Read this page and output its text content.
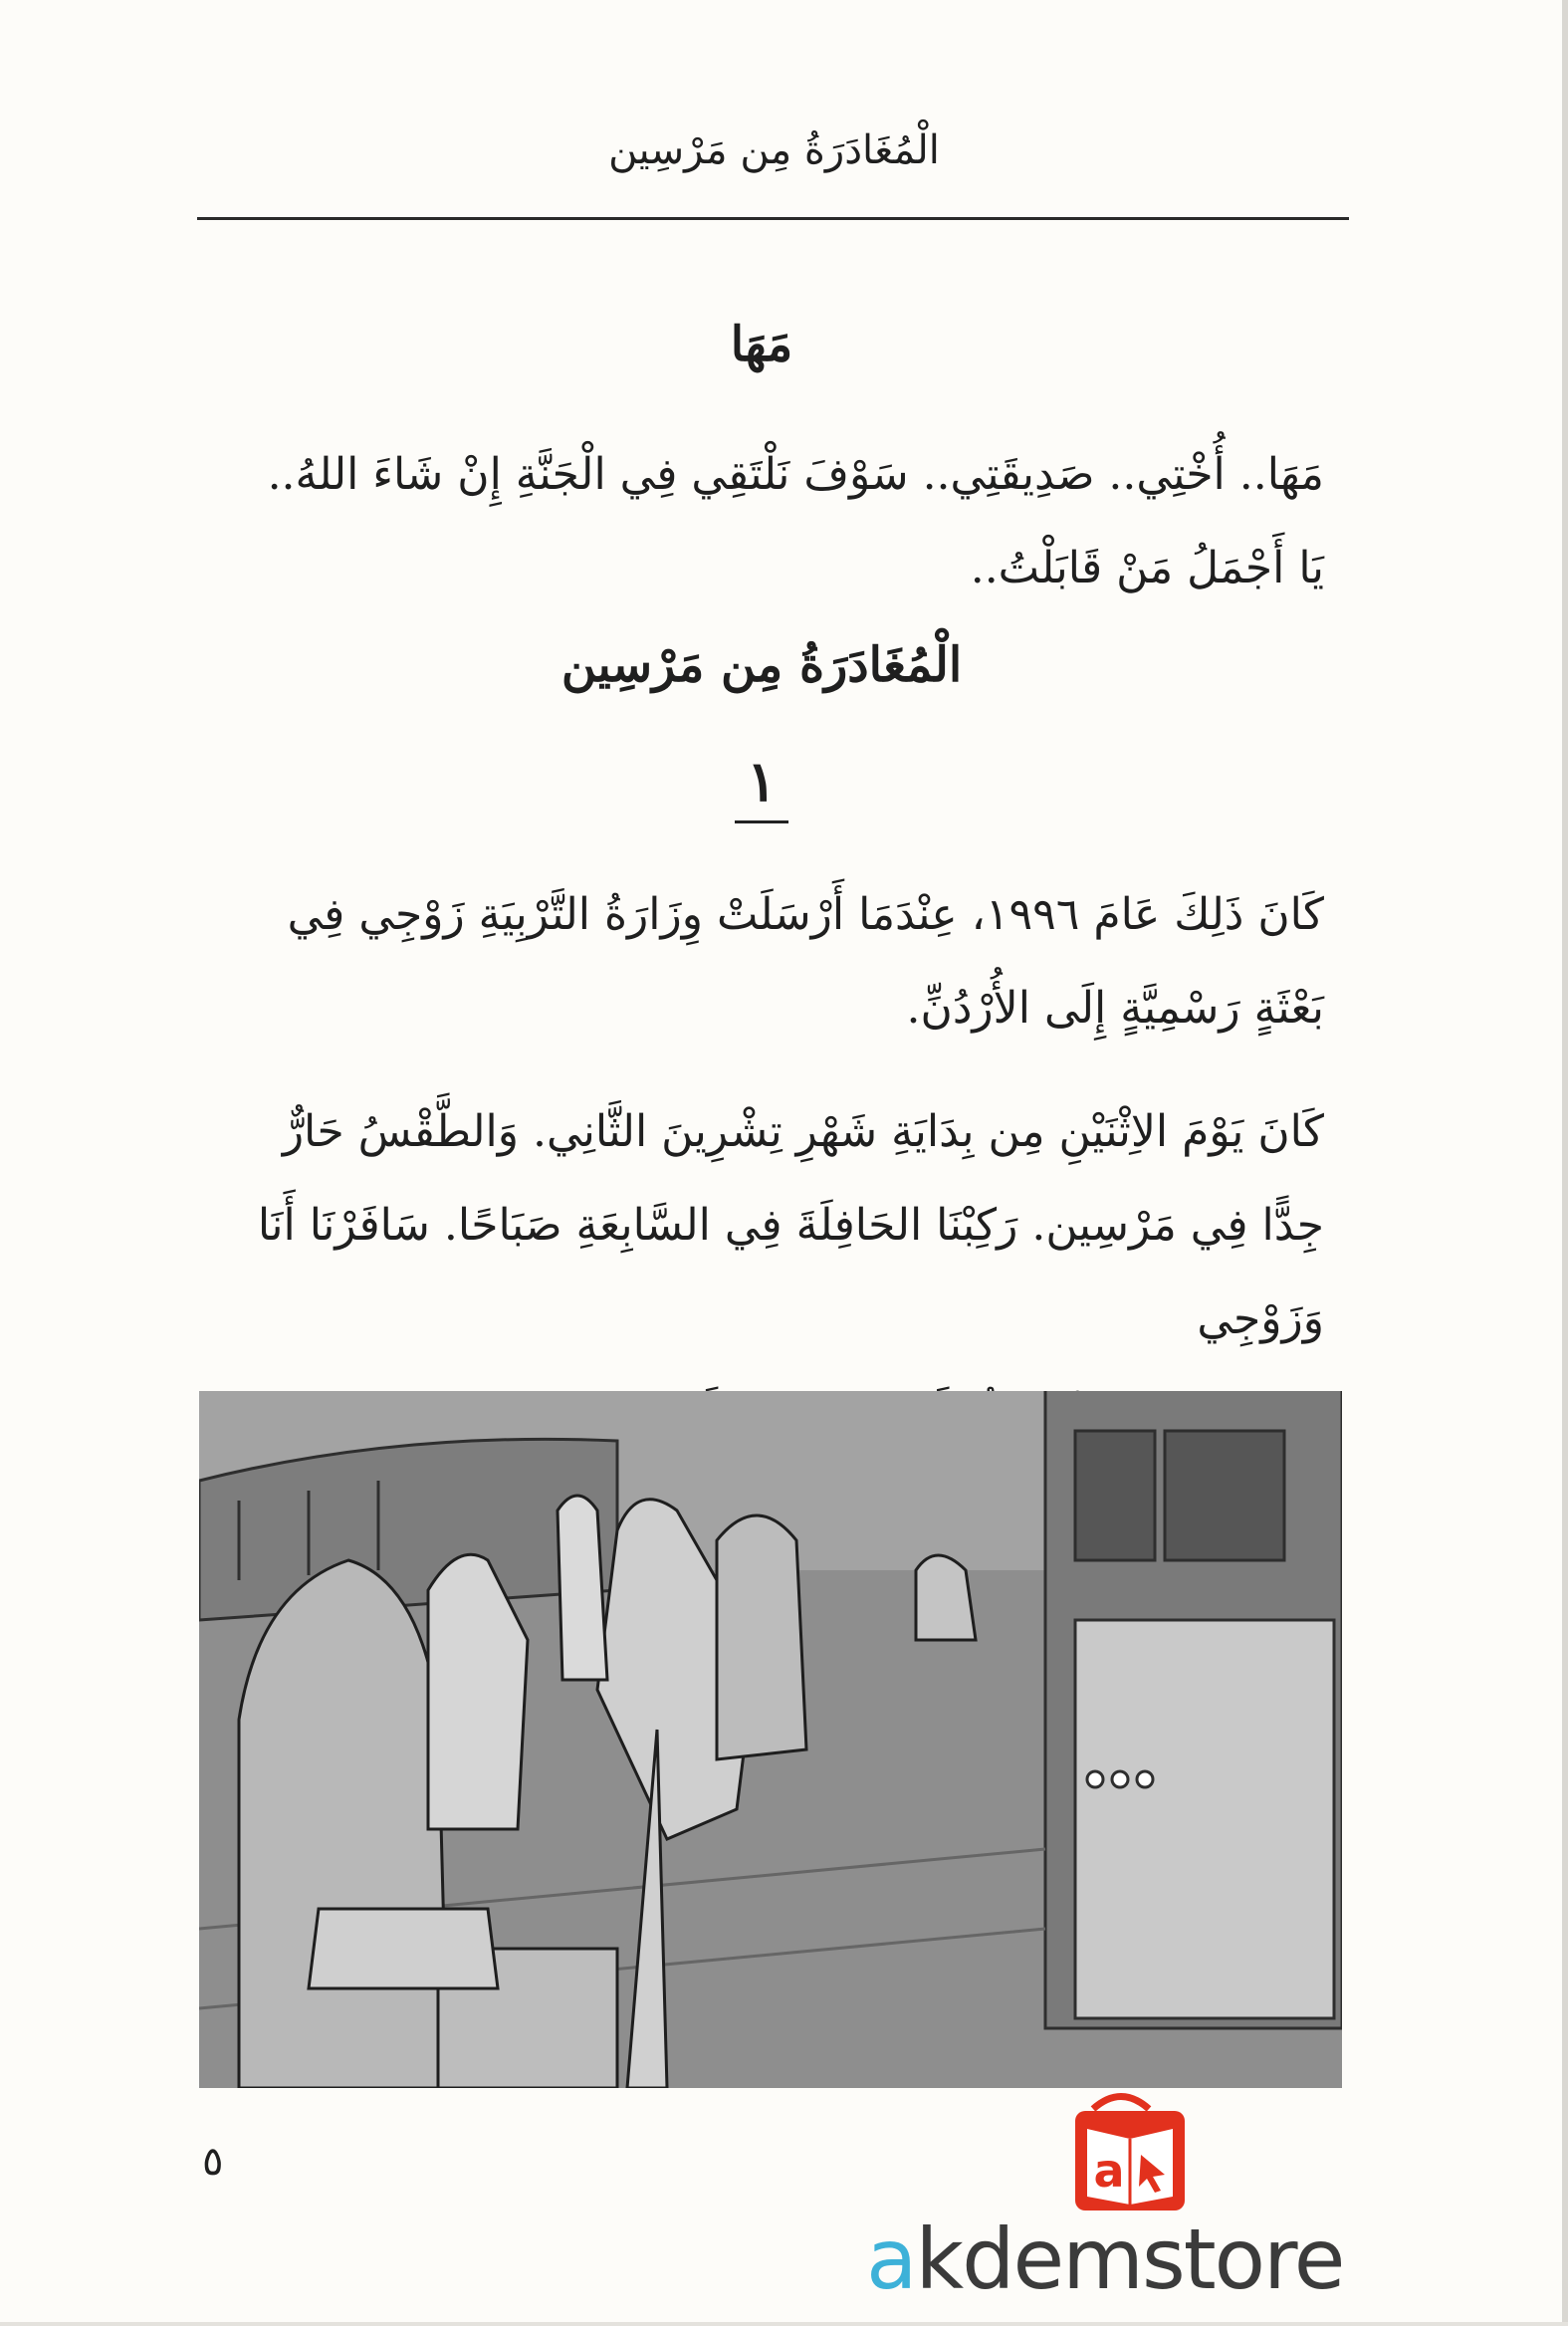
الْمُغَادَرَةُ مِن مَرْسِين
مَهَا
مَهَا.. أُخْتِي.. صَدِيقَتِي.. سَوْفَ نَلْتَقِي فِي الْجَنَّةِ إِنْ شَاءَ اللهُ..
يَا أَجْمَلُ مَنْ قَابَلْتُ..
الْمُغَادَرَةُ مِن مَرْسِين
١
كَانَ ذَلِكَ عَامَ ١٩٩٦، عِنْدَمَا أَرْسَلَتْ وِزَارَةُ التَّرْبِيَةِ زَوْجِي فِي
بَعْثَةٍ رَسْمِيَّةٍ إِلَى الأُرْدُنِّ.
كَانَ يَوْمَ الاِثْنَيْنِ مِن بِدَايَةِ شَهْرِ تِشْرِينَ الثَّانِي. وَالطَّقْسُ حَارٌّ
جِدًّا فِي مَرْسِين. رَكِبْنَا الحَافِلَةَ فِي السَّابِعَةِ صَبَاحًا. سَافَرْنَا أَنَا وَزَوْجِي
٥	a
akdemstore
